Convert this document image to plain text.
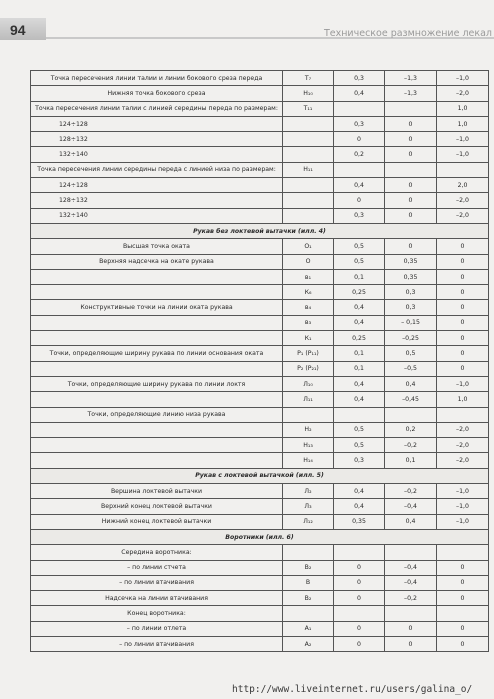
94	Техническое размножение лекал
Точка пересечения линии талии и линии бокового среза переда	Т₇	0,3	–1,3	–1,0
Нижняя точка бокового среза	Н₁₀	0,4	–1,3	–2,0
Точка пересечения линии талии с линией середины переда по размерам:	Т₁₁			1,0
124÷128		0,3	0	1,0
128÷132		0	0	–1,0
132÷140		0,2	0	–1,0
Точка пересечения линии середины переда с линией низа по размерам:	Н₁₁			
124÷128		0,4	0	2,0
128÷132		0	0	–2,0
132÷140		0,3	0	–2,0
Рукав без локтевой вытачки (илл. 4)				
Высшая точка оката	О₁	0,5	0	0
Верхняя надсечка на окате рукава	О	0,5	0,35	0
	в₁	0,1	0,35	0
	К₆	0,25	0,3	0
Конструктивные точки на линии оката рукава	в₄	0,4	0,3	0
	в₃	0,4	– 0,15	0
	К₁	0,25	–0,25	0
Точки, определяющие ширину рукава по линии основания оката	Р₁ (Р₁₁)	0,1	0,5	0
	Р₂ (Р₂₁)	0,1	–0,5	0
Точки, определяющие ширину рукава по линии локтя	Л₁₀	0,4	0,4	–1,0
	Л₁₁	0,4	–0,45	1,0
Точки, определяющие линию низа рукава				
	Н₂	0,5	0,2	–2,0
	Н₁₃	0,5	–0,2	–2,0
	Н₁₄	0,3	0,1	–2,0
Рукав с локтевой вытачкой (илл. 5)				
Вершина локтевой вытачки	Л₂	0,4	–0,2	–1,0
Верхний конец локтевой вытачки	Л₃	0,4	–0,4	–1,0
Нижний конец локтевой вытачки	Л₁₂	0,35	0,4	–1,0
Воротники (илл. 6)				
Середина воротника:				
– по линии стчета	В₂	0	–0,4	0
– по линии втачивания	В	0	–0,4	0
Надсечка на линии втачивания	В₂	0	–0,2	0
Конец воротника:				
– по линии отлета	А₁	0	0	0
– по линии втачивания	А₂	0	0	0
http://www.liveinternet.ru/users/galina_o/
